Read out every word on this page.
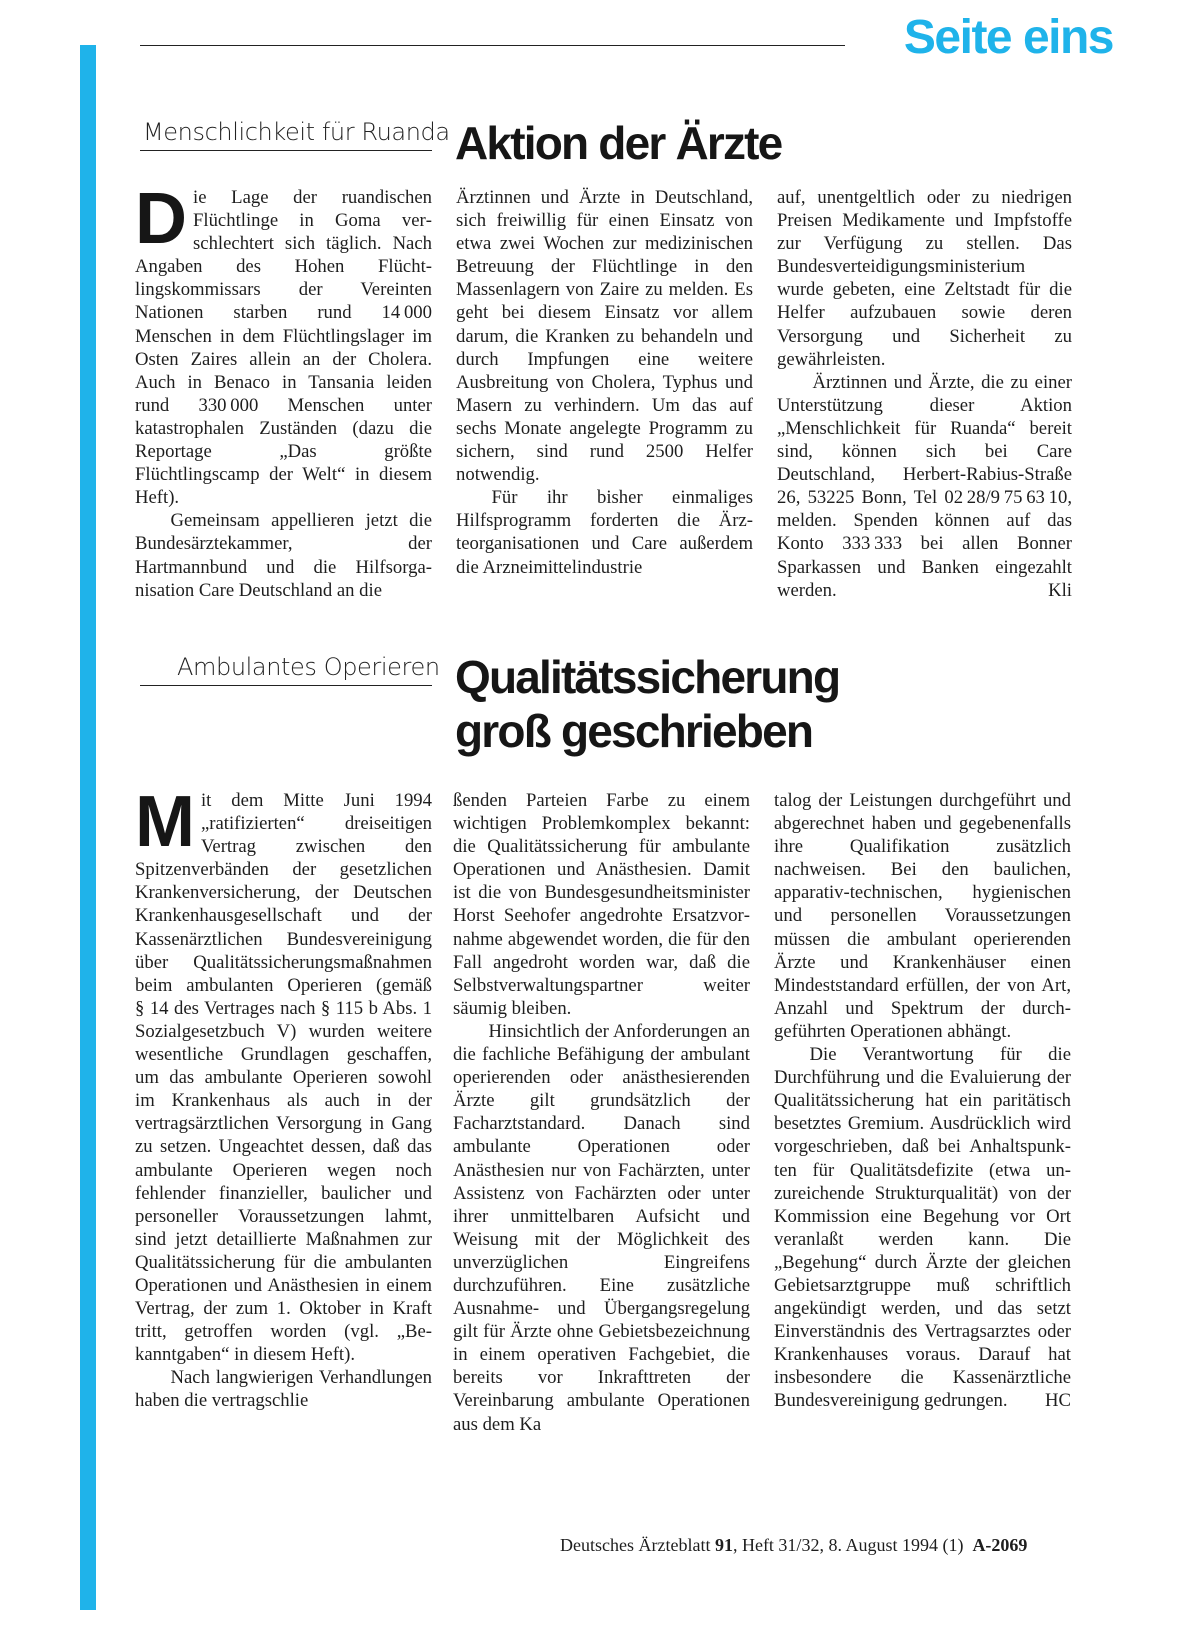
Seite eins
Menschlichkeit für Ruanda Aktion der Ärzte
D ie Lage der ruandischen Flüchtlinge in Goma verschlechtert sich täglich. Nach Angaben des Hohen Flüchtlingskommissars der Vereinten Nationen starben rund 14 000 Menschen in dem Flüchtlingslager im Osten Zaires allein an der Cholera. Auch in Benaco in Tansania leiden rund 330 000 Menschen unter katastrophalen Zuständen (dazu die Reportage „Das größte Flüchtlingscamp der Welt“ in diesem Heft).

Gemeinsam appellieren jetzt die Bundesärztekammer, der Hartmannbund und die Hilfsorganisation Care Deutschland an die

Ärztinnen und Ärzte in Deutschland, sich freiwillig für einen Einsatz von etwa zwei Wochen zur medizinischen Betreuung der Flüchtlinge in den Massenlagern von Zaire zu melden. Es geht bei diesem Einsatz vor allem darum, die Kranken zu behandeln und durch Impfungen eine weitere Ausbreitung von Cholera, Typhus und Masern zu verhindern. Um das auf sechs Monate angelegte Programm zu sichern, sind rund 2500 Helfer notwendig.

Für ihr bisher einmaliges Hilfsprogramm forderten die Ärzteorganisationen und Care außerdem die Arzneimittelindustrie

auf, unentgeltlich oder zu niedrigen Preisen Medikamente und Impfstoffe zur Verfügung zu stellen. Das Bundesverteidigungsministerium wurde gebeten, eine Zeltstadt für die Helfer aufzubauen sowie deren Versorgung und Sicherheit zu gewährleisten.

Ärztinnen und Ärzte, die zu einer Unterstützung dieser Aktion „Menschlichkeit für Ruanda“ bereit sind, können sich bei Care Deutschland, Herbert-Rabius-Straße 26, 53225 Bonn, Tel 02 28/9 75 63 10, melden. Spenden können auf das Konto 333 333 bei allen Bonner Sparkassen und Banken eingezahlt werden.	Kli

Ambulantes Operieren Qualitätssicherung
groß geschrieben
M it dem Mitte Juni 1994 „ratifizierten“ dreiseitigen Vertrag zwischen den Spitzenverbänden der gesetzlichen Krankenversicherung, der Deutschen Krankenhausgesellschaft und der Kassenärztlichen Bundesvereinigung über Qualitätssicherungsmaßnahmen beim ambulanten Operieren (gemäß § 14 des Vertrages nach § 115 b Abs. 1 Sozialgesetzbuch V) wurden weitere wesentliche Grundlagen geschaffen, um das ambulante Operieren sowohl im Krankenhaus als auch in der vertragsärztlichen Versorgung in Gang zu setzen. Ungeachtet dessen, daß das ambulante Operieren wegen noch fehlender finanzieller, baulicher und personeller Voraussetzungen lahmt, sind jetzt detaillierte Maßnahmen zur Qualitätssicherung für die ambulanten Operationen und Anästhesien in einem Vertrag, der zum 1. Oktober in Kraft tritt, getroffen worden (vgl. „Bekanntgaben“ in diesem Heft).

Nach langwierigen Verhandlungen haben die vertragschlie

ßenden Parteien Farbe zu einem wichtigen Problemkomplex bekannt: die Qualitätssicherung für ambulante Operationen und Anästhesien. Damit ist die von Bundesgesundheitsminister Horst Seehofer angedrohte Ersatzvornahme abgewendet worden, die für den Fall angedroht worden war, daß die Selbstverwaltungspartner weiter säumig bleiben.

Hinsichtlich der Anforderungen an die fachliche Befähigung der ambulant operierenden oder anästhesierenden Ärzte gilt grundsätzlich der Facharztstandard. Danach sind ambulante Operationen oder Anästhesien nur von Fachärzten, unter Assistenz von Fachärzten oder unter ihrer unmittelbaren Aufsicht und Weisung mit der Möglichkeit des unverzüglichen Eingreifens durchzuführen. Eine zusätzliche Ausnahme- und Übergangsregelung gilt für Ärzte ohne Gebietsbezeichnung in einem operativen Fachgebiet, die bereits vor Inkrafttreten der Vereinbarung ambulante Operationen aus dem Ka

talog der Leistungen durchgeführt und abgerechnet haben und gegebenenfalls ihre Qualifikation zusätzlich nachweisen. Bei den baulichen, apparativ-technischen, hygienischen und personellen Voraussetzungen müssen die ambulant operierenden Ärzte und Krankenhäuser einen Mindeststandard erfüllen, der von Art, Anzahl und Spektrum der durchgeführten Operationen abhängt.

Die Verantwortung für die Durchführung und die Evaluierung der Qualitätssicherung hat ein paritätisch besetztes Gremium. Ausdrücklich wird vorgeschrieben, daß bei Anhaltspunkten für Qualitätsdefizite (etwa unzureichende Strukturqualität) von der Kommission eine Begehung vor Ort veranlaßt werden kann. Die „Begehung“ durch Ärzte der gleichen Gebietsarztgruppe muß schriftlich angekündigt werden, und das setzt Einverständnis des Vertragsarztes oder Krankenhauses voraus. Darauf hat insbesondere die Kassenärztliche Bundesvereinigung gedrungen.	HC

Deutsches Ärzteblatt 91, Heft 31/32, 8. August 1994 (1) A-2069
